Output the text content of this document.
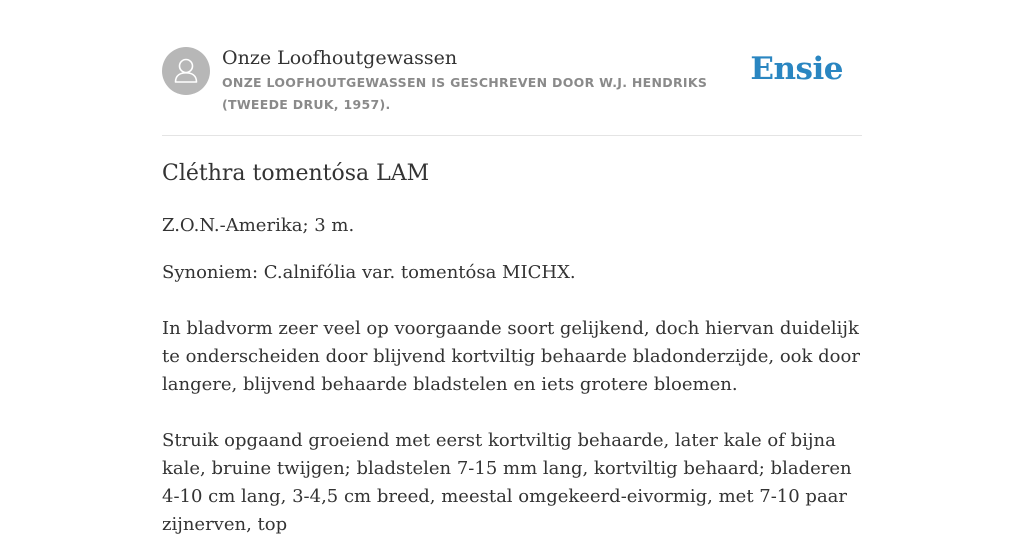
Onze Loofhoutgewassen
ONZE LOOFHOUTGEWASSEN IS GESCHREVEN DOOR W.J. HENDRIKS (TWEEDE DRUK, 1957).
Ensie
Cléthra tomentósa LAM

Z.O.N.-Amerika; 3 m.

Synoniem: C.alnifólia var. tomentósa MICHX.

In bladvorm zeer veel op voorgaande soort gelijkend, doch hiervan duidelijk te onderscheiden door blijvend kortviltig behaarde bladonderzijde, ook door langere, blijvend behaarde bladstelen en iets grotere bloemen.

Struik opgaand groeiend met eerst kortviltig behaarde, later kale of bijna kale, bruine twijgen; bladstelen 7-15 mm lang, kortviltig behaard; bladeren 4-10 cm lang, 3-4,5 cm breed, meestal omgekeerd-eivormig, met 7-10 paar zijnerven, top
